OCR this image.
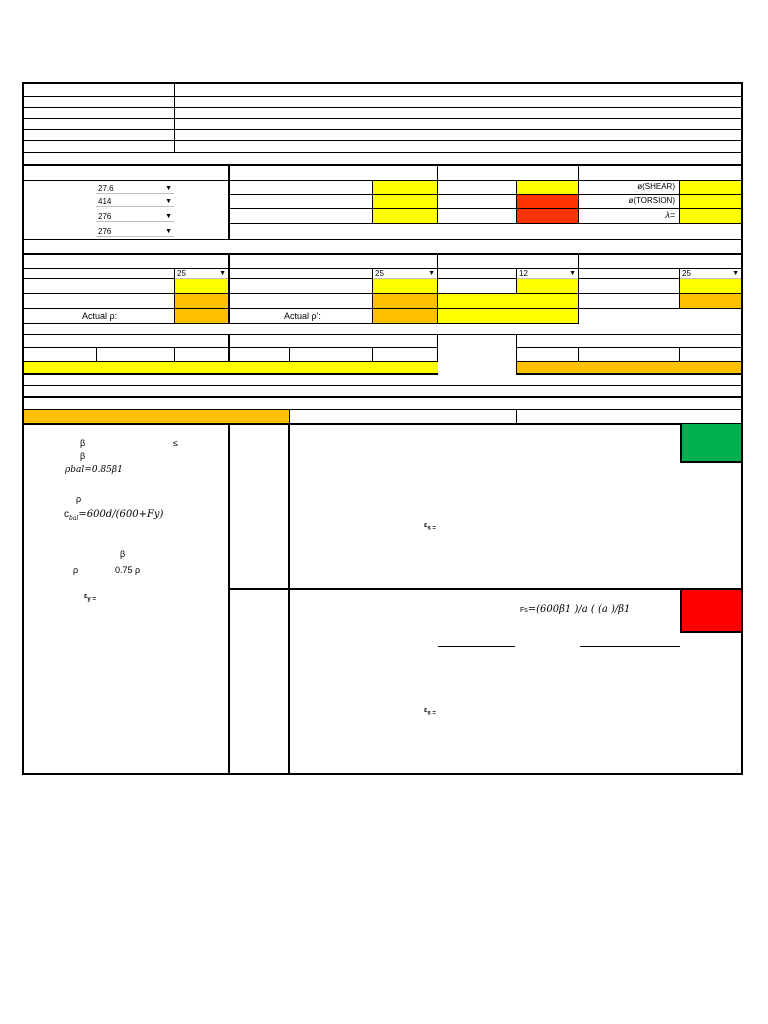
27.6	▼
414	▼
276	▼
276	▼
25	▼	25	▼	12	▼	25	▼
ø(SHEAR)
ø(TORSION)
λ=
Actual ρ:	Actual ρ':
β	≤
β
ρbal=0.85β1
ρ
$c_{bal}=600d/(600+Fy)$
β
ρ	0.75 ρ
$\varepsilon_{y =}$
$\varepsilon_{s =}$
Fs=(600β1 )/a ( (a )/β1
$\varepsilon_{s =}$
